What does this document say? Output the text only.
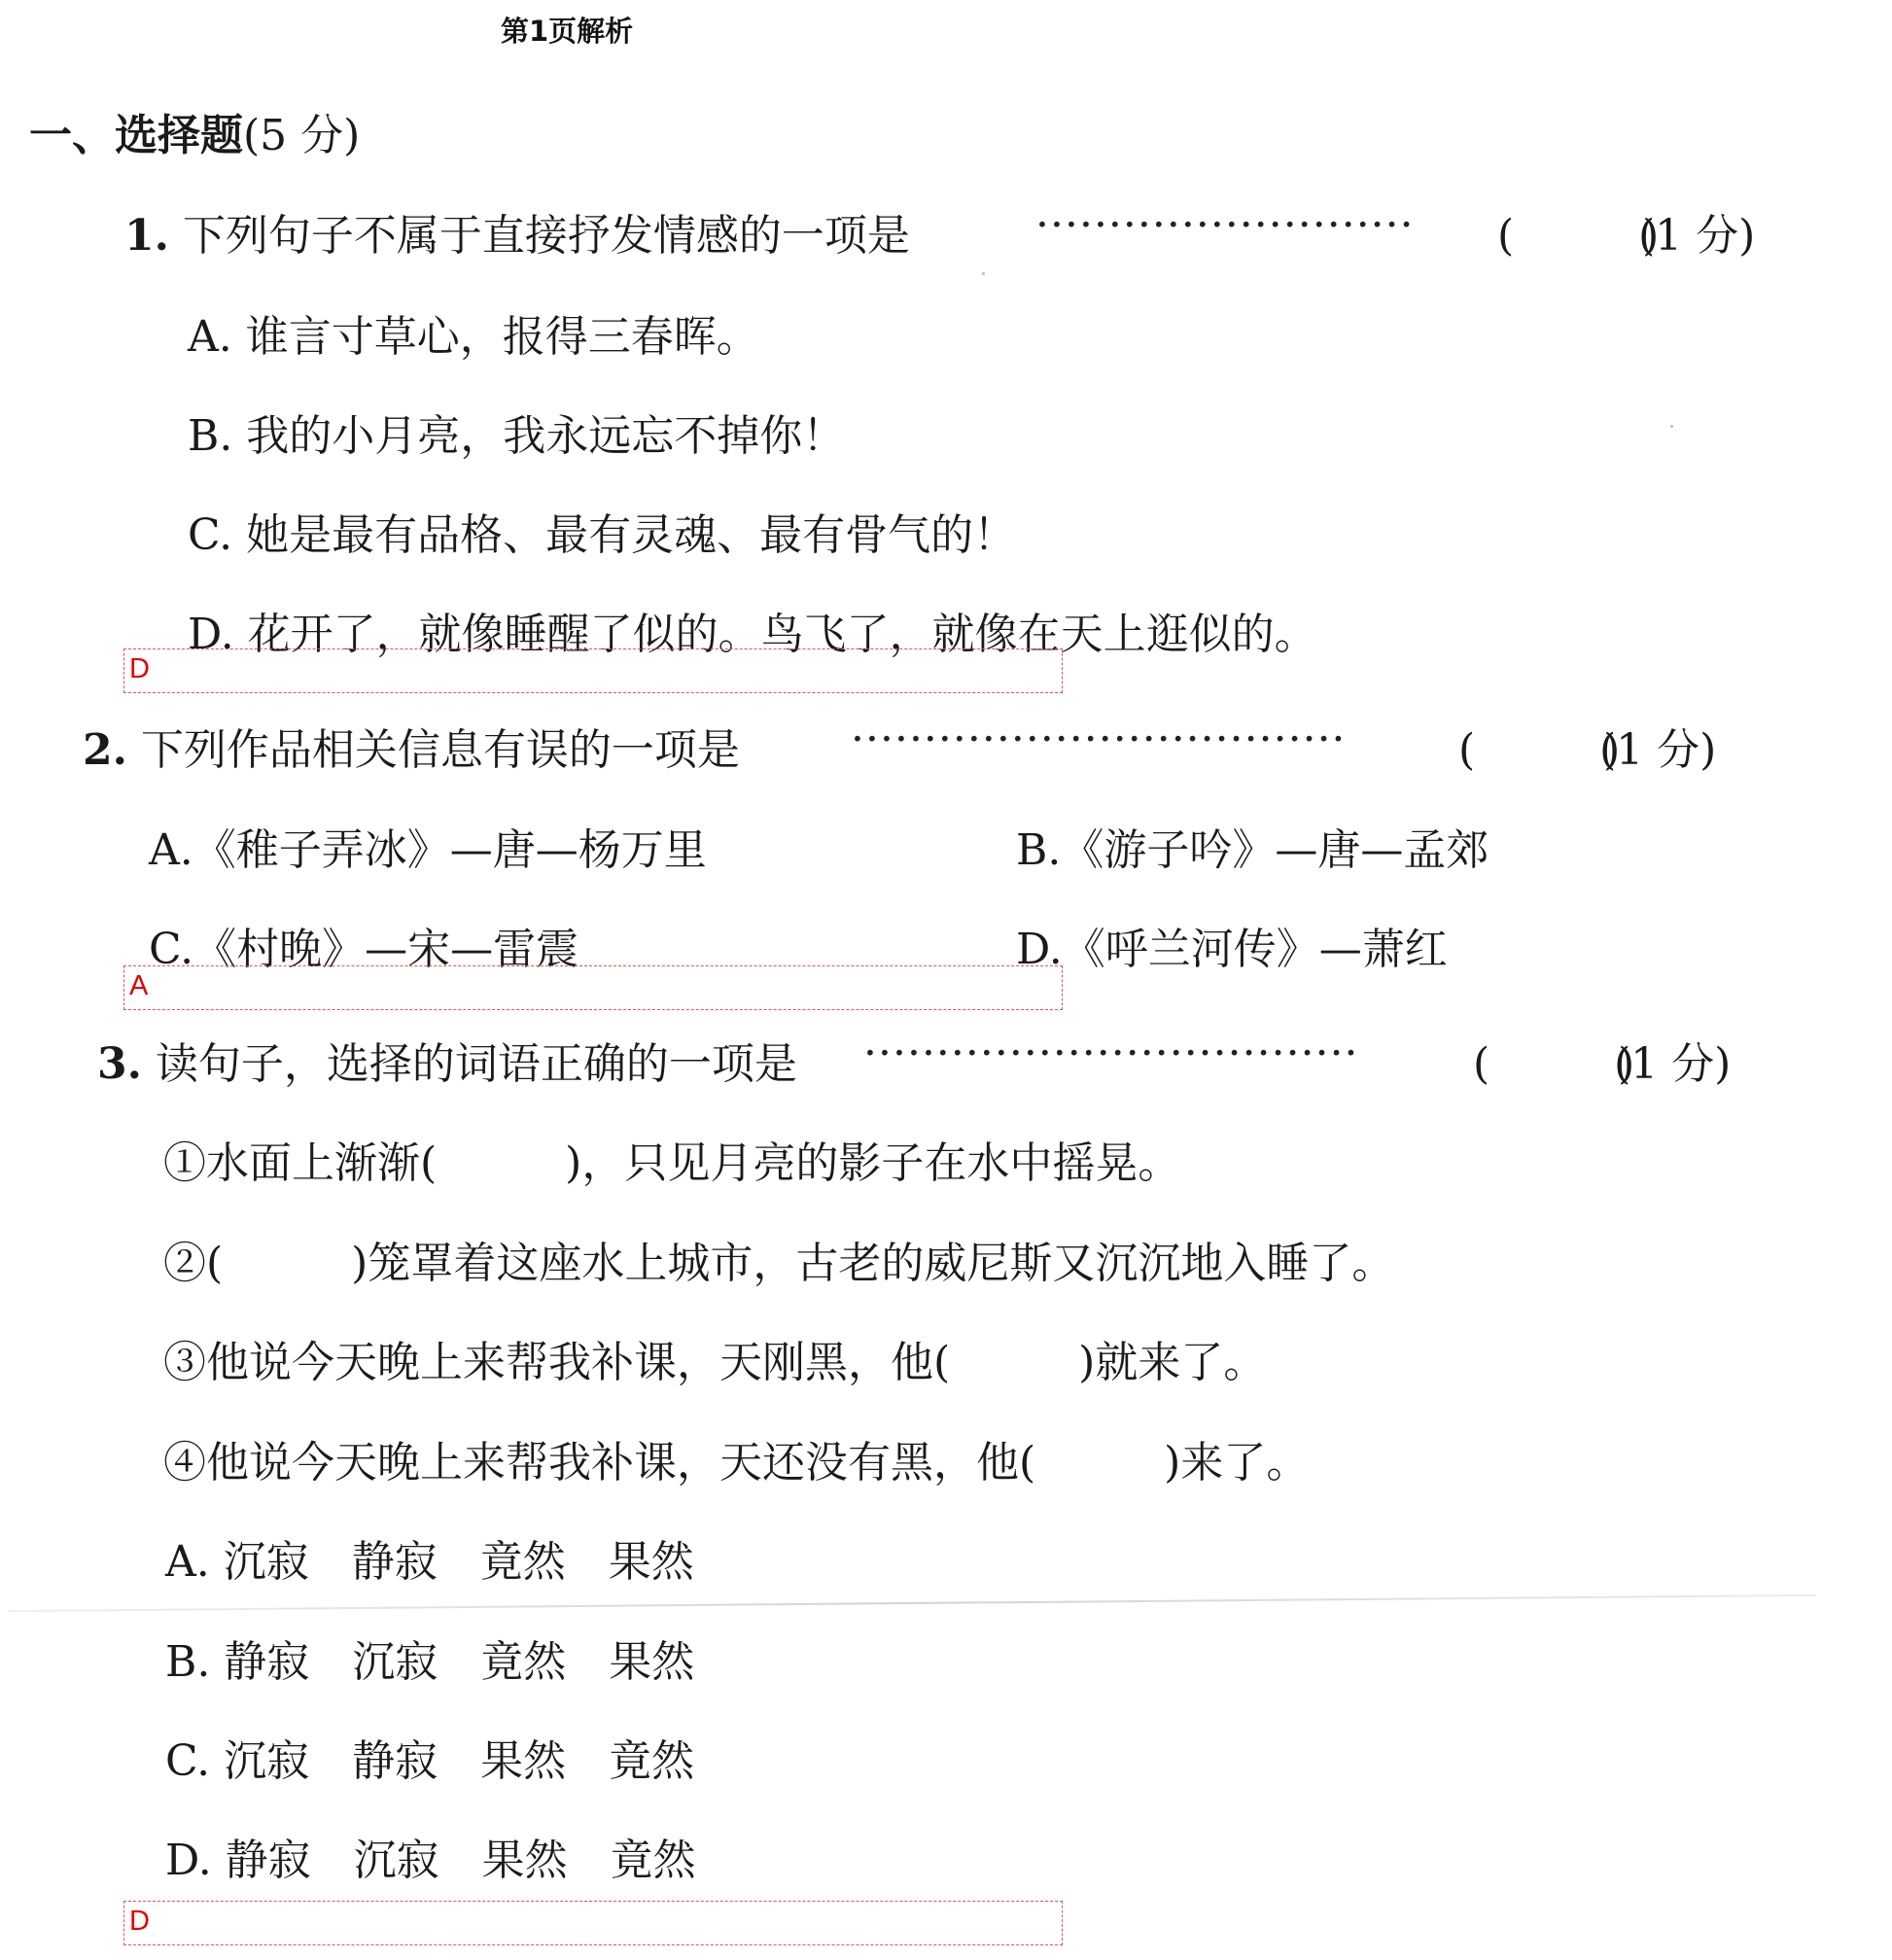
第1页解析
一、选择题(5 分)
1. 下列句子不属于直接抒发情感的一项是	·························· (　　　)
(1 分)
A. 谁言寸草心，报得三春晖。
B. 我的小月亮，我永远忘不掉你！
C. 她是最有品格、最有灵魂、最有骨气的！
D. 花开了，就像睡醒了似的。鸟飞了，就像在天上逛似的。
D
2. 下列作品相关信息有误的一项是	··································	(　　　)
(1 分)
A.《稚子弄冰》—唐—杨万里	B.《游子吟》—唐—孟郊
C.《村晚》—宋—雷震	D.《呼兰河传》—萧红
A
3. 读句子，选择的词语正确的一项是 ··································	(　　　)
(1 分)
①水面上渐渐(　　　)，只见月亮的影子在水中摇晃。
②(　　　)笼罩着这座水上城市，古老的威尼斯又沉沉地入睡了。
③他说今天晚上来帮我补课，天刚黑，他(　　　)就来了。
④他说今天晚上来帮我补课，天还没有黑，他(　　　)来了。
A. 沉寂　静寂　竟然　果然
B. 静寂　沉寂　竟然　果然
C. 沉寂　静寂　果然　竟然
D. 静寂　沉寂　果然　竟然
D
